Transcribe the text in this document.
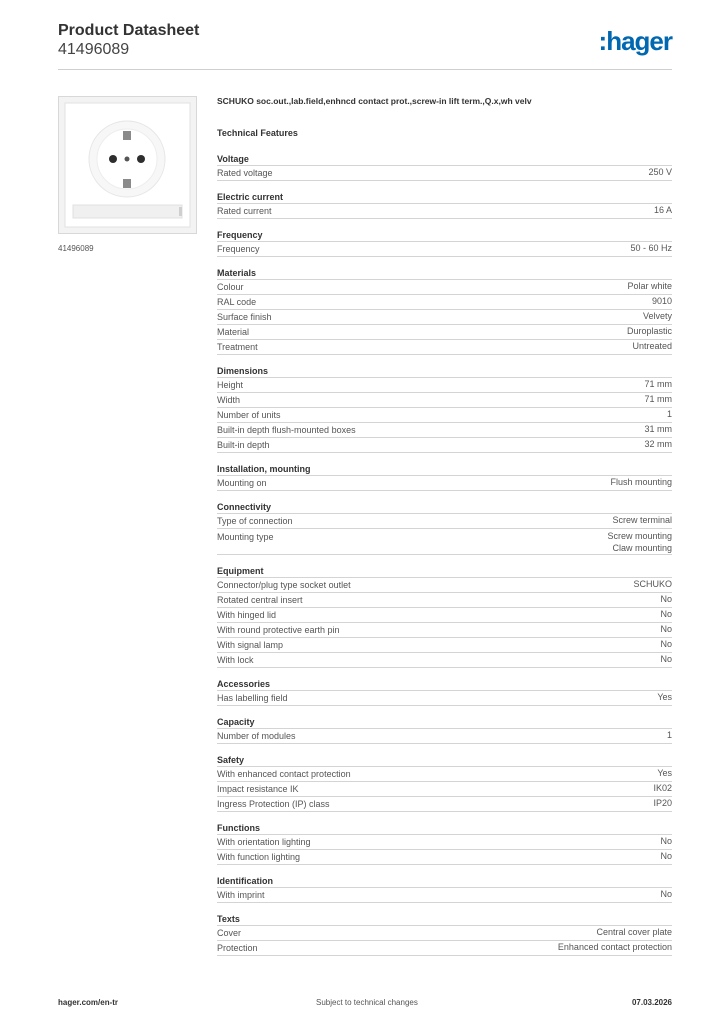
Product Datasheet
41496089	:hager
41496089
SCHUKO soc.out.,lab.field,enhncd contact prot.,screw-in lift term.,Q.x,wh velv
Technical Features
Voltage
Rated voltage	250 V
Electric current
Rated current	16 A
Frequency
Frequency	50 - 60 Hz
Materials
Colour	Polar white
RAL code	9010
Surface finish	Velvety
Material	Duroplastic
Treatment	Untreated
Dimensions
Height	71 mm
Width	71 mm
Number of units	1
Built-in depth flush-mounted boxes	31 mm
Built-in depth	32 mm
Installation, mounting
Mounting on	Flush mounting
Connectivity
Type of connection	Screw terminal
Mounting type	Screw mounting
Claw mounting
Equipment
Connector/plug type socket outlet	SCHUKO
Rotated central insert	No
With hinged lid	No
With round protective earth pin	No
With signal lamp	No
With lock	No
Accessories
Has labelling field	Yes
Capacity
Number of modules	1
Safety
With enhanced contact protection	Yes
Impact resistance IK	IK02
Ingress Protection (IP) class	IP20
Functions
With orientation lighting	No
With function lighting	No
Identification
With imprint	No
Texts
Cover	Central cover plate
Protection	Enhanced contact protection
hager.com/en-tr	Subject to technical changes	07.03.2026
